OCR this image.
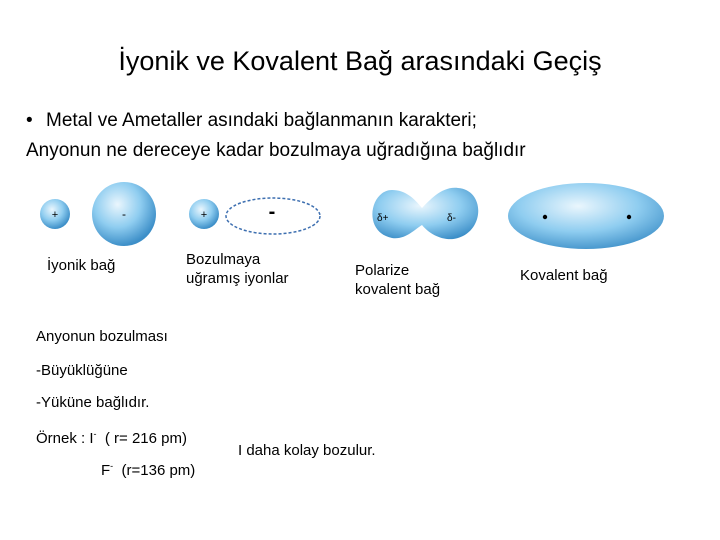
İyonik ve Kovalent Bağ arasındaki Geçiş
• Metal ve Ametaller asındaki bağlanmanın karakteri;
Anyonun ne dereceye kadar bozulmaya uğradığına bağlıdır
+	-	+	-	δ+	δ-
İyonik bağ	Bozulmaya
uğramış iyonlar	Polarize
kovalent bağ
Kovalent bağ
Anyonun bozulması
-Büyüklüğüne
-Yüküne bağlıdır.
Örnek : I- ( r= 216 pm)
F- (r=136 pm)
I daha kolay bozulur.
